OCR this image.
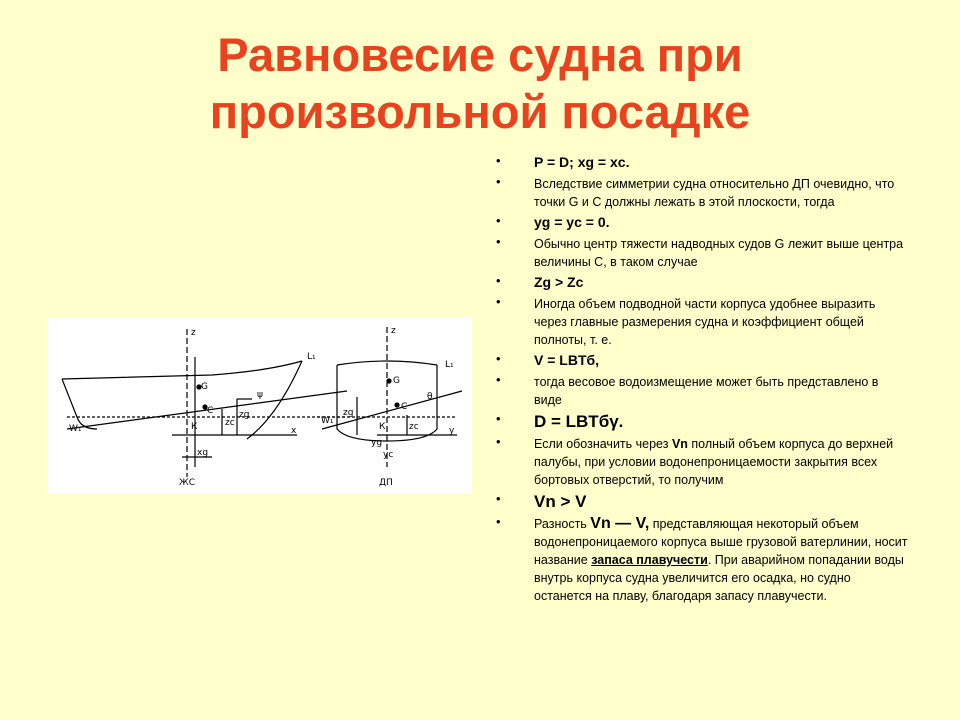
Равновесие судна при
произвольной посадке
z
L₁
W₁
G
C
ψ
x
zc
zg
xg
К
ЖС
z
L₁
W₁
G
C
θ
y
zg
zc
yg
yc
К
ДП
• P = D; xg = xc.
• Вследствие симметрии судна относительно ДП очевидно, что точки G и C должны лежать в этой плоскости, тогда
• yg = yc = 0.
• Обычно центр тяжести надводных судов G лежит выше центра величины С, в таком случае
• Zg > Zc
• Иногда объем подводной части корпуса удобнее выразить через главные размерения судна и коэффициент общей полноты, т. е.
• V = LBTб,
• тогда весовое водоизмещение может быть представлено в виде
• D = LBTбγ.
• Если обозначить через Vn полный объем корпуса до верхней палубы, при условии водонепроницаемости закрытия всех бортовых отверстий, то получим
• Vn > V
• Разность Vn — V, представляющая некоторый объем водонепроницаемого корпуса выше грузовой ватерлинии, носит название запаса плавучести. При аварийном попадании воды внутрь корпуса судна увеличится его осадка, но судно останется на плаву, благодаря запасу плавучести.
